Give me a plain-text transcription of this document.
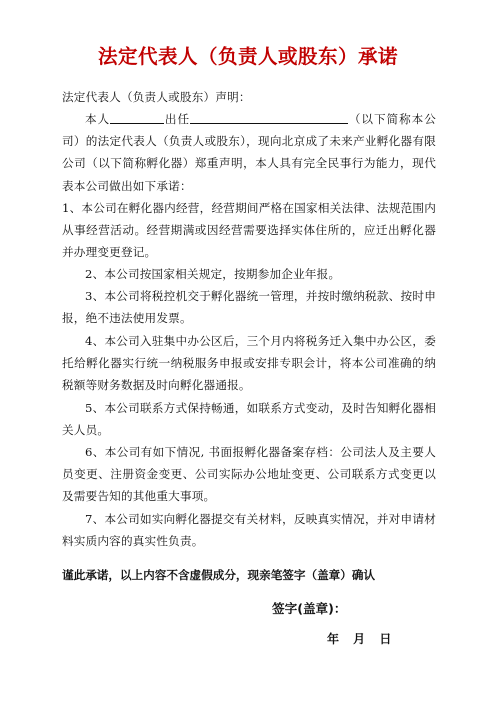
法定代表人（负责人或股东）承诺
法定代表人（负责人或股东）声明：
本人	出任	（以下简称本公司）的法定代表人（负责人或股东），现向北京成了未来产业孵化器有限公司（以下简称孵化器）郑重声明，本人具有完全民事行为能力，现代表本公司做出如下承诺：
1、本公司在孵化器内经营，经营期间严格在国家相关法律、法规范围内从事经营活动。经营期满或因经营需要选择实体住所的，应迁出孵化器并办理变更登记。
2、本公司按国家相关规定，按期参加企业年报。
3、本公司将税控机交于孵化器统一管理，并按时缴纳税款、按时申报，绝不违法使用发票。
4、本公司入驻集中办公区后，三个月内将税务迁入集中办公区，委托给孵化器实行统一纳税服务申报或安排专职会计，将本公司准确的纳税额等财务数据及时向孵化器通报。
5、本公司联系方式保持畅通，如联系方式变动，及时告知孵化器相关人员。
6、本公司有如下情况, 书面报孵化器备案存档：公司法人及主要人员变更、注册资金变更、公司实际办公地址变更、公司联系方式变更以及需要告知的其他重大事项。
7、本公司如实向孵化器提交有关材料，反映真实情况，并对申请材料实质内容的真实性负责。
谨此承诺，以上内容不含虚假成分，现亲笔签字（盖章）确认
签字(盖章)：
年 月 日
